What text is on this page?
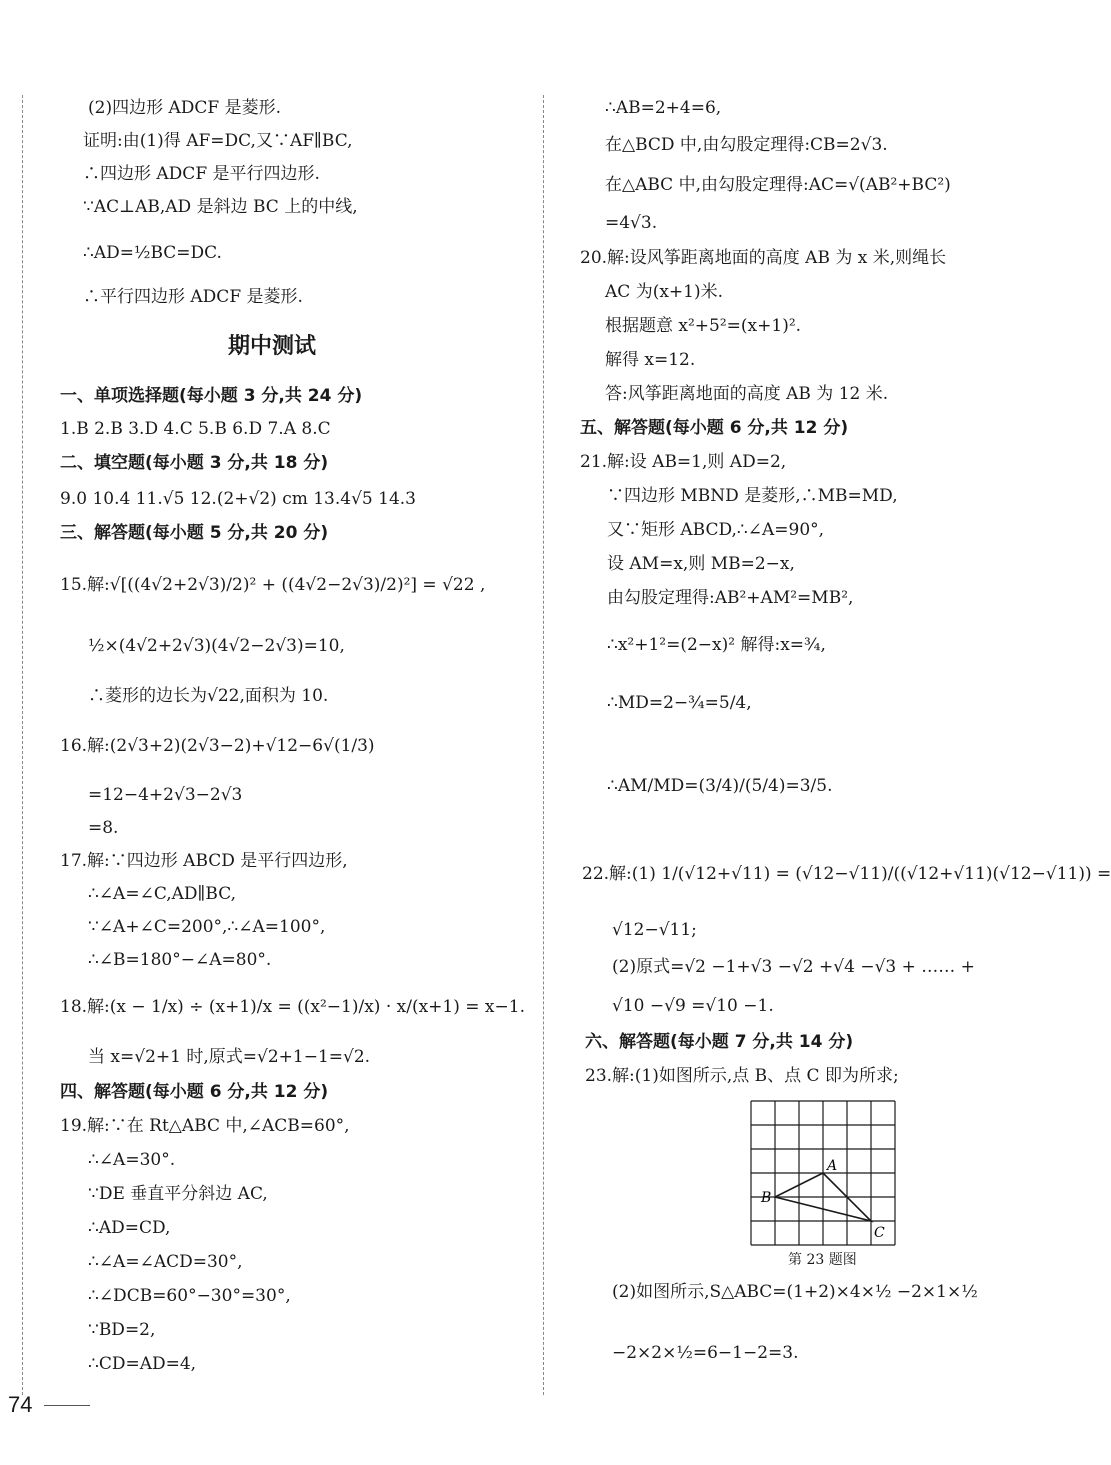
(2)四边形 ADCF 是菱形.
证明:由(1)得 AF=DC,又∵AF∥BC,
∴四边形 ADCF 是平行四边形.
∵AC⊥AB,AD 是斜边 BC 上的中线,
∴AD=½BC=DC.
∴平行四边形 ADCF 是菱形.
期中测试
一、单项选择题(每小题 3 分,共 24 分)
1.B 2.B 3.D 4.C 5.B 6.D 7.A 8.C
二、填空题(每小题 3 分,共 18 分)
9.0 10.4 11.√5 12.(2+√2) cm 13.4√5 14.3
三、解答题(每小题 5 分,共 20 分)
15.解:√[((4√2+2√3)/2)² + ((4√2−2√3)/2)²] = √22 ,
½×(4√2+2√3)(4√2−2√3)=10,
∴菱形的边长为√22,面积为 10.
16.解:(2√3+2)(2√3−2)+√12−6√(1/3)
=12−4+2√3−2√3
=8.
17.解:∵四边形 ABCD 是平行四边形,
∴∠A=∠C,AD∥BC,
∵∠A+∠C=200°,∴∠A=100°,
∴∠B=180°−∠A=80°.
18.解:(x − 1/x) ÷ (x+1)/x = ((x²−1)/x) · x/(x+1) = x−1.
当 x=√2+1 时,原式=√2+1−1=√2.
四、解答题(每小题 6 分,共 12 分)
19.解:∵在 Rt△ABC 中,∠ACB=60°,
∴∠A=30°.
∵DE 垂直平分斜边 AC,
∴AD=CD,
∴∠A=∠ACD=30°,
∴∠DCB=60°−30°=30°,
∵BD=2,
∴CD=AD=4,
∴AB=2+4=6,
在△BCD 中,由勾股定理得:CB=2√3.
在△ABC 中,由勾股定理得:AC=√(AB²+BC²)
=4√3.
20.解:设风筝距离地面的高度 AB 为 x 米,则绳长
AC 为(x+1)米.
根据题意 x²+5²=(x+1)².
解得 x=12.
答:风筝距离地面的高度 AB 为 12 米.
五、解答题(每小题 6 分,共 12 分)
21.解:设 AB=1,则 AD=2,
∵四边形 MBND 是菱形,∴MB=MD,
又∵矩形 ABCD,∴∠A=90°,
设 AM=x,则 MB=2−x,
由勾股定理得:AB²+AM²=MB²,
∴x²+1²=(2−x)² 解得:x=¾,
∴MD=2−¾=5/4,
∴AM/MD=(3/4)/(5/4)=3/5.
22.解:(1) 1/(√12+√11) = (√12−√11)/((√12+√11)(√12−√11)) =
√12−√11;
(2)原式=√2 −1+√3 −√2 +√4 −√3 + …… +
√10 −√9 =√10 −1.
六、解答题(每小题 7 分,共 14 分)
23.解:(1)如图所示,点 B、点 C 即为所求;
A
B
C
第 23 题图
(2)如图所示,S△ABC=(1+2)×4×½ −2×1×½
−2×2×½=6−1−2=3.
74
